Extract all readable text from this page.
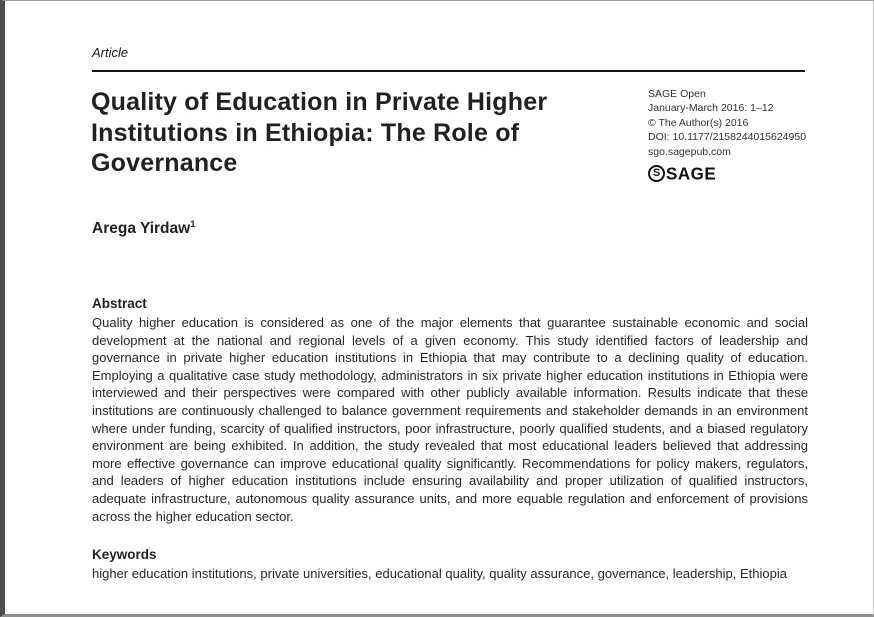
Article
Quality of Education in Private Higher Institutions in Ethiopia: The Role of Governance
SAGE Open
January-March 2016: 1–12
© The Author(s) 2016
DOI: 10.1177/2158244015624950
sgo.sagepub.com
S SAGE
Arega Yirdaw$^1$
Abstract
Quality higher education is considered as one of the major elements that guarantee sustainable economic and social development at the national and regional levels of a given economy. This study identified factors of leadership and governance in private higher education institutions in Ethiopia that may contribute to a declining quality of education. Employing a qualitative case study methodology, administrators in six private higher education institutions in Ethiopia were interviewed and their perspectives were compared with other publicly available information. Results indicate that these institutions are continuously challenged to balance government requirements and stakeholder demands in an environment where under funding, scarcity of qualified instructors, poor infrastructure, poorly qualified students, and a biased regulatory environment are being exhibited. In addition, the study revealed that most educational leaders believed that addressing more effective governance can improve educational quality significantly. Recommendations for policy makers, regulators, and leaders of higher education institutions include ensuring availability and proper utilization of qualified instructors, adequate infrastructure, autonomous quality assurance units, and more equable regulation and enforcement of provisions across the higher education sector.
Keywords
higher education institutions, private universities, educational quality, quality assurance, governance, leadership, Ethiopia
